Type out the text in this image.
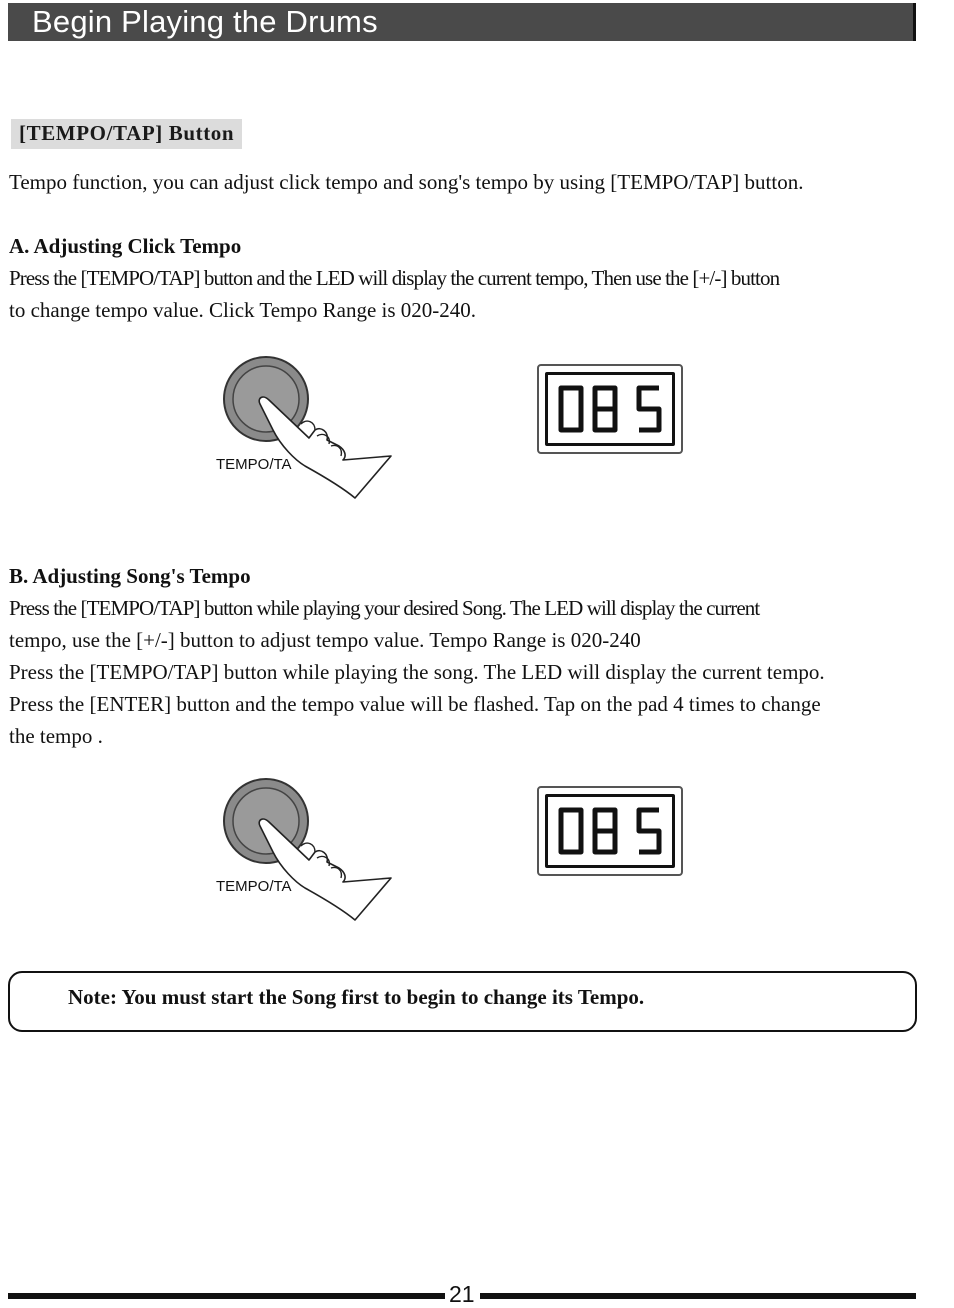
Begin Playing the Drums
[TEMPO/TAP] Button

Tempo function, you can adjust click tempo and song's tempo by using [TEMPO/TAP] button.

A. Adjusting Click Tempo

Press the [TEMPO/TAP] button and the LED will display the current tempo, Then use the [+/-] button

to change tempo value. Click Tempo Range is 020-240.

TEMPO/TA

B. Adjusting Song's Tempo

Press the [TEMPO/TAP] button while playing your desired Song. The LED will display the current

tempo, use the [+/-] button to adjust tempo value. Tempo Range is 020-240

Press the [TEMPO/TAP] button while playing the song. The LED will display the current tempo.

Press the [ENTER] button and the tempo value will be flashed. Tap on the pad 4 times to change

the tempo .

TEMPO/TA
Note: You must start the Song first to begin to change its Tempo.
21
